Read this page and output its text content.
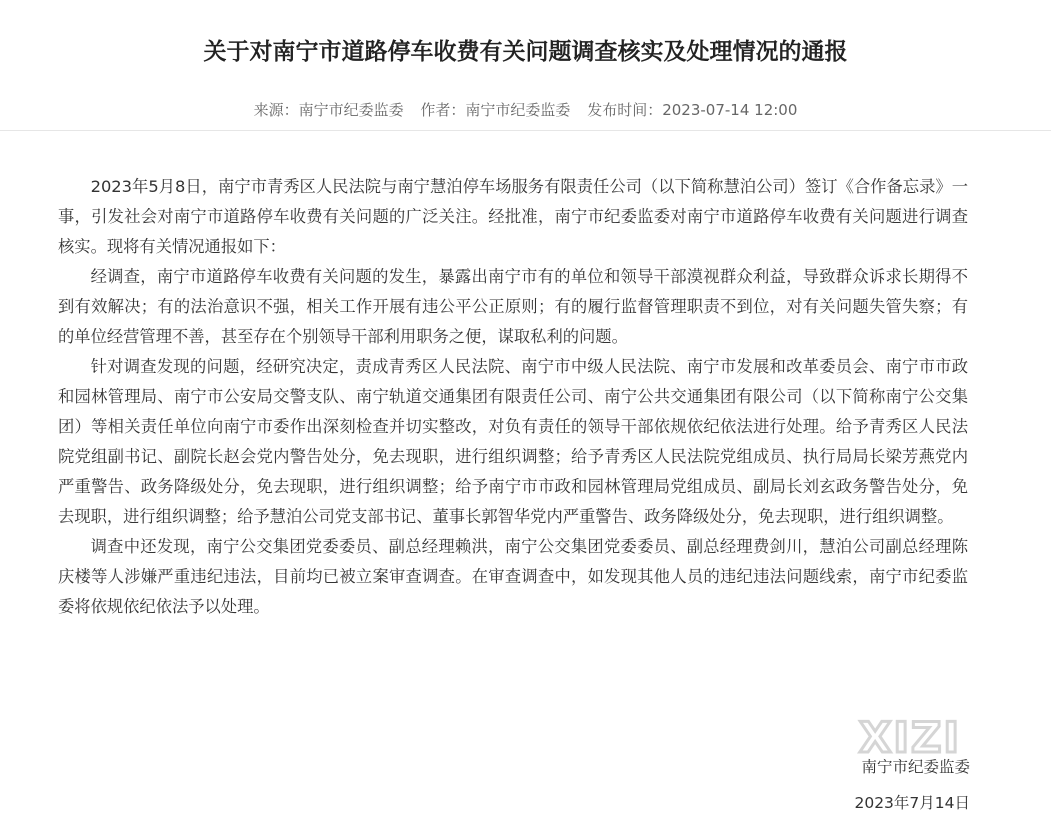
关于对南宁市道路停车收费有关问题调查核实及处理情况的通报
来源：南宁市纪委监委 作者：南宁市纪委监委 发布时间：2023-07-14 12:00

2023年5月8日，南宁市青秀区人民法院与南宁慧泊停车场服务有限责任公司（以下简称慧泊公司）签订《合作备忘录》一事，引发社会对南宁市道路停车收费有关问题的广泛关注。经批准，南宁市纪委监委对南宁市道路停车收费有关问题进行调查核实。现将有关情况通报如下：

经调查，南宁市道路停车收费有关问题的发生，暴露出南宁市有的单位和领导干部漠视群众利益，导致群众诉求长期得不到有效解决；有的法治意识不强，相关工作开展有违公平公正原则；有的履行监督管理职责不到位，对有关问题失管失察；有的单位经营管理不善，甚至存在个别领导干部利用职务之便，谋取私利的问题。

针对调查发现的问题，经研究决定，责成青秀区人民法院、南宁市中级人民法院、南宁市发展和改革委员会、南宁市市政和园林管理局、南宁市公安局交警支队、南宁轨道交通集团有限责任公司、南宁公共交通集团有限公司（以下简称南宁公交集团）等相关责任单位向南宁市委作出深刻检查并切实整改，对负有责任的领导干部依规依纪依法进行处理。给予青秀区人民法院党组副书记、副院长赵会党内警告处分，免去现职，进行组织调整；给予青秀区人民法院党组成员、执行局局长梁芳燕党内严重警告、政务降级处分，免去现职，进行组织调整；给予南宁市市政和园林管理局党组成员、副局长刘玄政务警告处分，免去现职，进行组织调整；给予慧泊公司党支部书记、董事长郭智华党内严重警告、政务降级处分，免去现职，进行组织调整。

调查中还发现，南宁公交集团党委委员、副总经理赖洪，南宁公交集团党委委员、副总经理费剑川，慧泊公司副总经理陈庆楼等人涉嫌严重违纪违法，目前均已被立案审查调查。在审查调查中，如发现其他人员的违纪违法问题线索，南宁市纪委监委将依规依纪依法予以处理。

XIZI
南宁市纪委监委
2023年7月14日
